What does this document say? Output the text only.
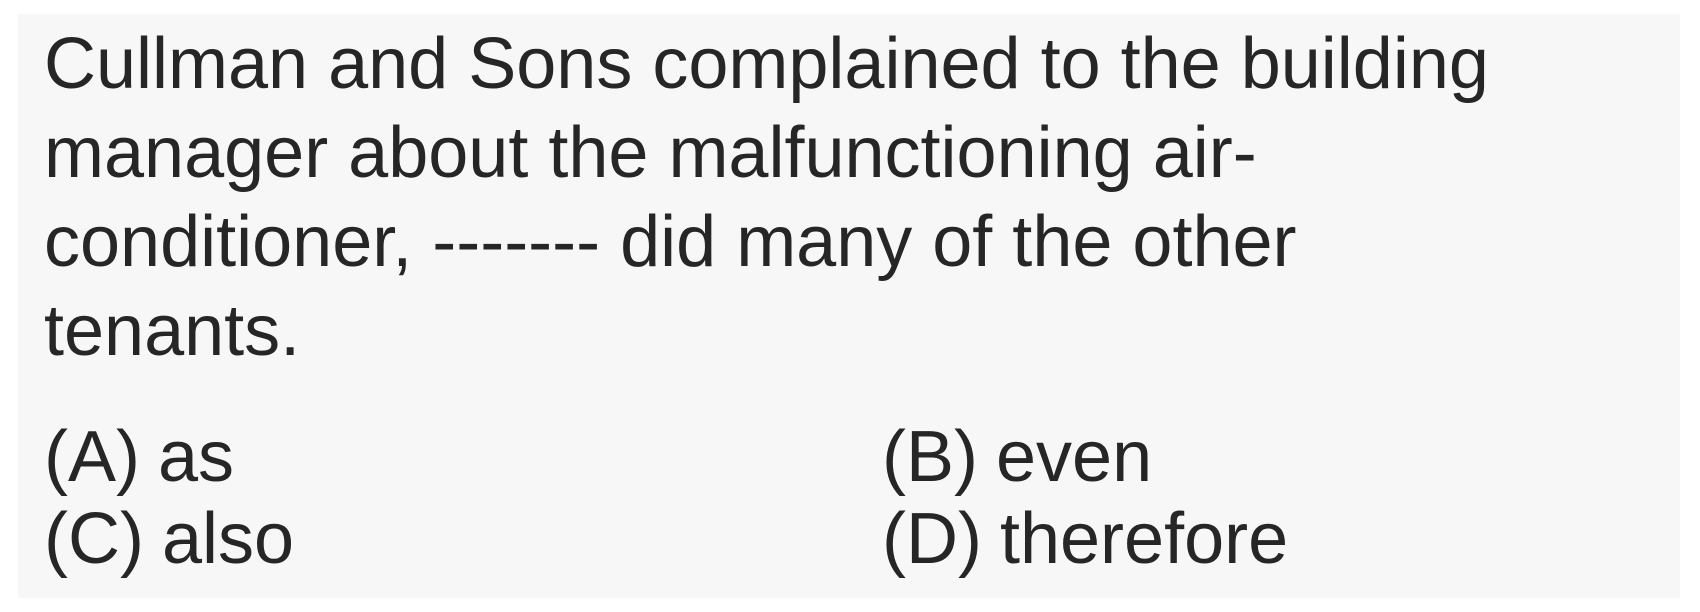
Cullman and Sons complained to the building
manager about the malfunctioning air-
conditioner, ------- did many of the other
tenants.

(A) as	(B) even
(C) also	(D) therefore
